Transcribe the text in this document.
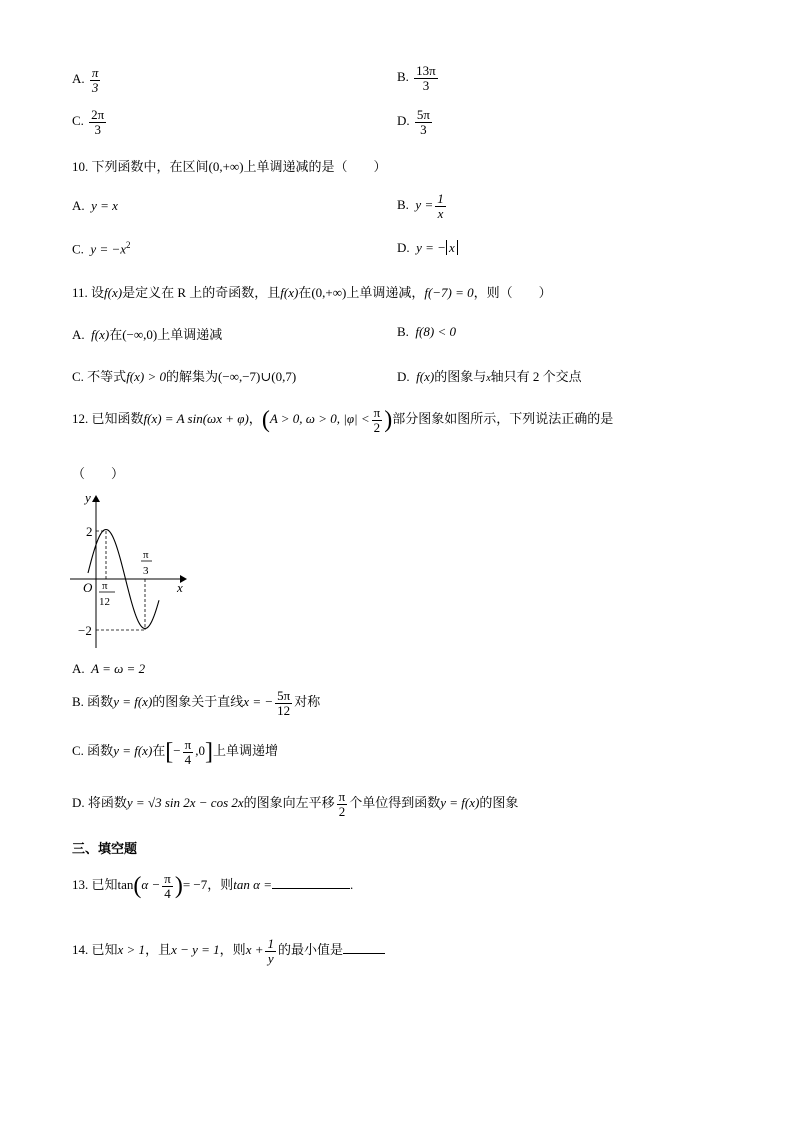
A. $\frac{\pi}{3}$	B. $\frac{13\pi}{3}$
C. $\frac{2\pi}{3}$	D. $\frac{5\pi}{3}$
10. 下列函数中，在区间(0,+∞)上单调递减的是（　　）
A. y = x	B. $y = \frac{1}{x}$
C. $y = -x^2$	D. y = − x
11. 设f(x)是定义在 R 上的奇函数，且f(x)在(0,+∞)上单调递减，f(−7) = 0，则（　　）
A. f(x)在(−∞,0)上单调递减	B. f(8) < 0
C. 不等式f(x) > 0的解集为(−∞,−7)∪(0,7)	D. f(x)的图象与x轴只有 2 个交点
12. 已知函数f(x) = A sin(ωx + φ)，(A > 0, ω > 0, $|\varphi| < \frac{\pi}{2}$ )部分图象如图所示，下列说法正确的是
（　　）
y
x
O
2
−2
π
12
π
3
A. A = ω = 2
B. 函数y = f(x)的图象关于直线x = − $\frac{5\pi}{12}$ 对称
C. 函数y = f(x)在[− $\frac{\pi}{4} ,0$]上单调递增
D. 将函数y = √3 sin 2x − cos 2x的图象向左平移 $\frac{\pi}{2}$ 个单位得到函数y = f(x)的图象
三、填空题
13. 已知$\tan(\alpha - \frac{\pi}{4}$ )= −7，则tan α =	.
14. 已知x > 1，且x − y = 1，则$x + \frac{1}{y}$ 的最小值是
